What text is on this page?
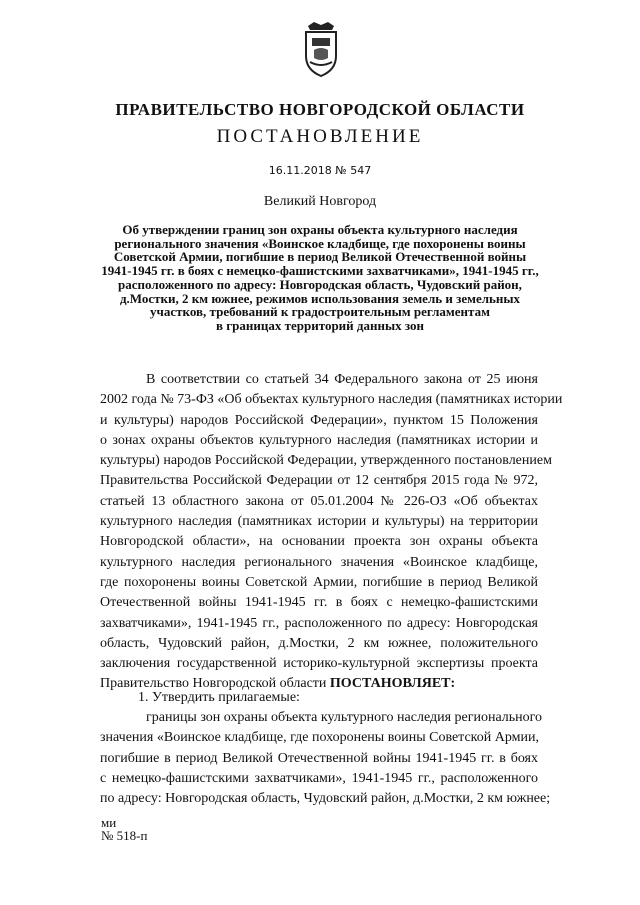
ПРАВИТЕЛЬСТВО НОВГОРОДСКОЙ ОБЛАСТИ
ПОСТАНОВЛЕНИЕ
16.11.2018 № 547
Великий Новгород
Об утверждении границ зон охраны объекта культурного наследия
регионального значения «Воинское кладбище, где похоронены воины
Советской Армии, погибшие в период Великой Отечественной войны
1941-1945 гг. в боях с немецко-фашистскими захватчиками», 1941-1945 гг.,
расположенного по адресу: Новгородская область, Чудовский район,
д.Мостки, 2 км южнее, режимов использования земель и земельных
участков, требований к градостроительным регламентам
в границах территорий данных зон
В соответствии со статьей 34 Федерального закона от 25 июня
2002 года № 73-ФЗ «Об объектах культурного наследия (памятниках истории
и культуры) народов Российской Федерации», пунктом 15 Положения
о зонах охраны объектов культурного наследия (памятниках истории и
культуры) народов Российской Федерации, утвержденного постановлением
Правительства Российской Федерации от 12 сентября 2015 года № 972,
статьей 13 областного закона от 05.01.2004 № 226-ОЗ «Об объектах
культурного наследия (памятниках истории и культуры) на территории
Новгородской области», на основании проекта зон охраны объекта
культурного наследия регионального значения «Воинское кладбище,
где похоронены воины Советской Армии, погибшие в период Великой
Отечественной войны 1941-1945 гг. в боях с немецко-фашистскими
захватчиками», 1941-1945 гг., расположенного по адресу: Новгородская
область, Чудовский район, д.Мостки, 2 км южнее, положительного
заключения государственной историко-культурной экспертизы проекта
Правительство Новгородской области ПОСТАНОВЛЯЕТ:
1. Утвердить прилагаемые:
границы зон охраны объекта культурного наследия регионального
значения «Воинское кладбище, где похоронены воины Советской Армии,
погибшие в период Великой Отечественной войны 1941-1945 гг. в боях
с немецко-фашистскими захватчиками», 1941-1945 гг., расположенного
по адресу: Новгородская область, Чудовский район, д.Мостки, 2 км южнее;
ми
№ 518-п
